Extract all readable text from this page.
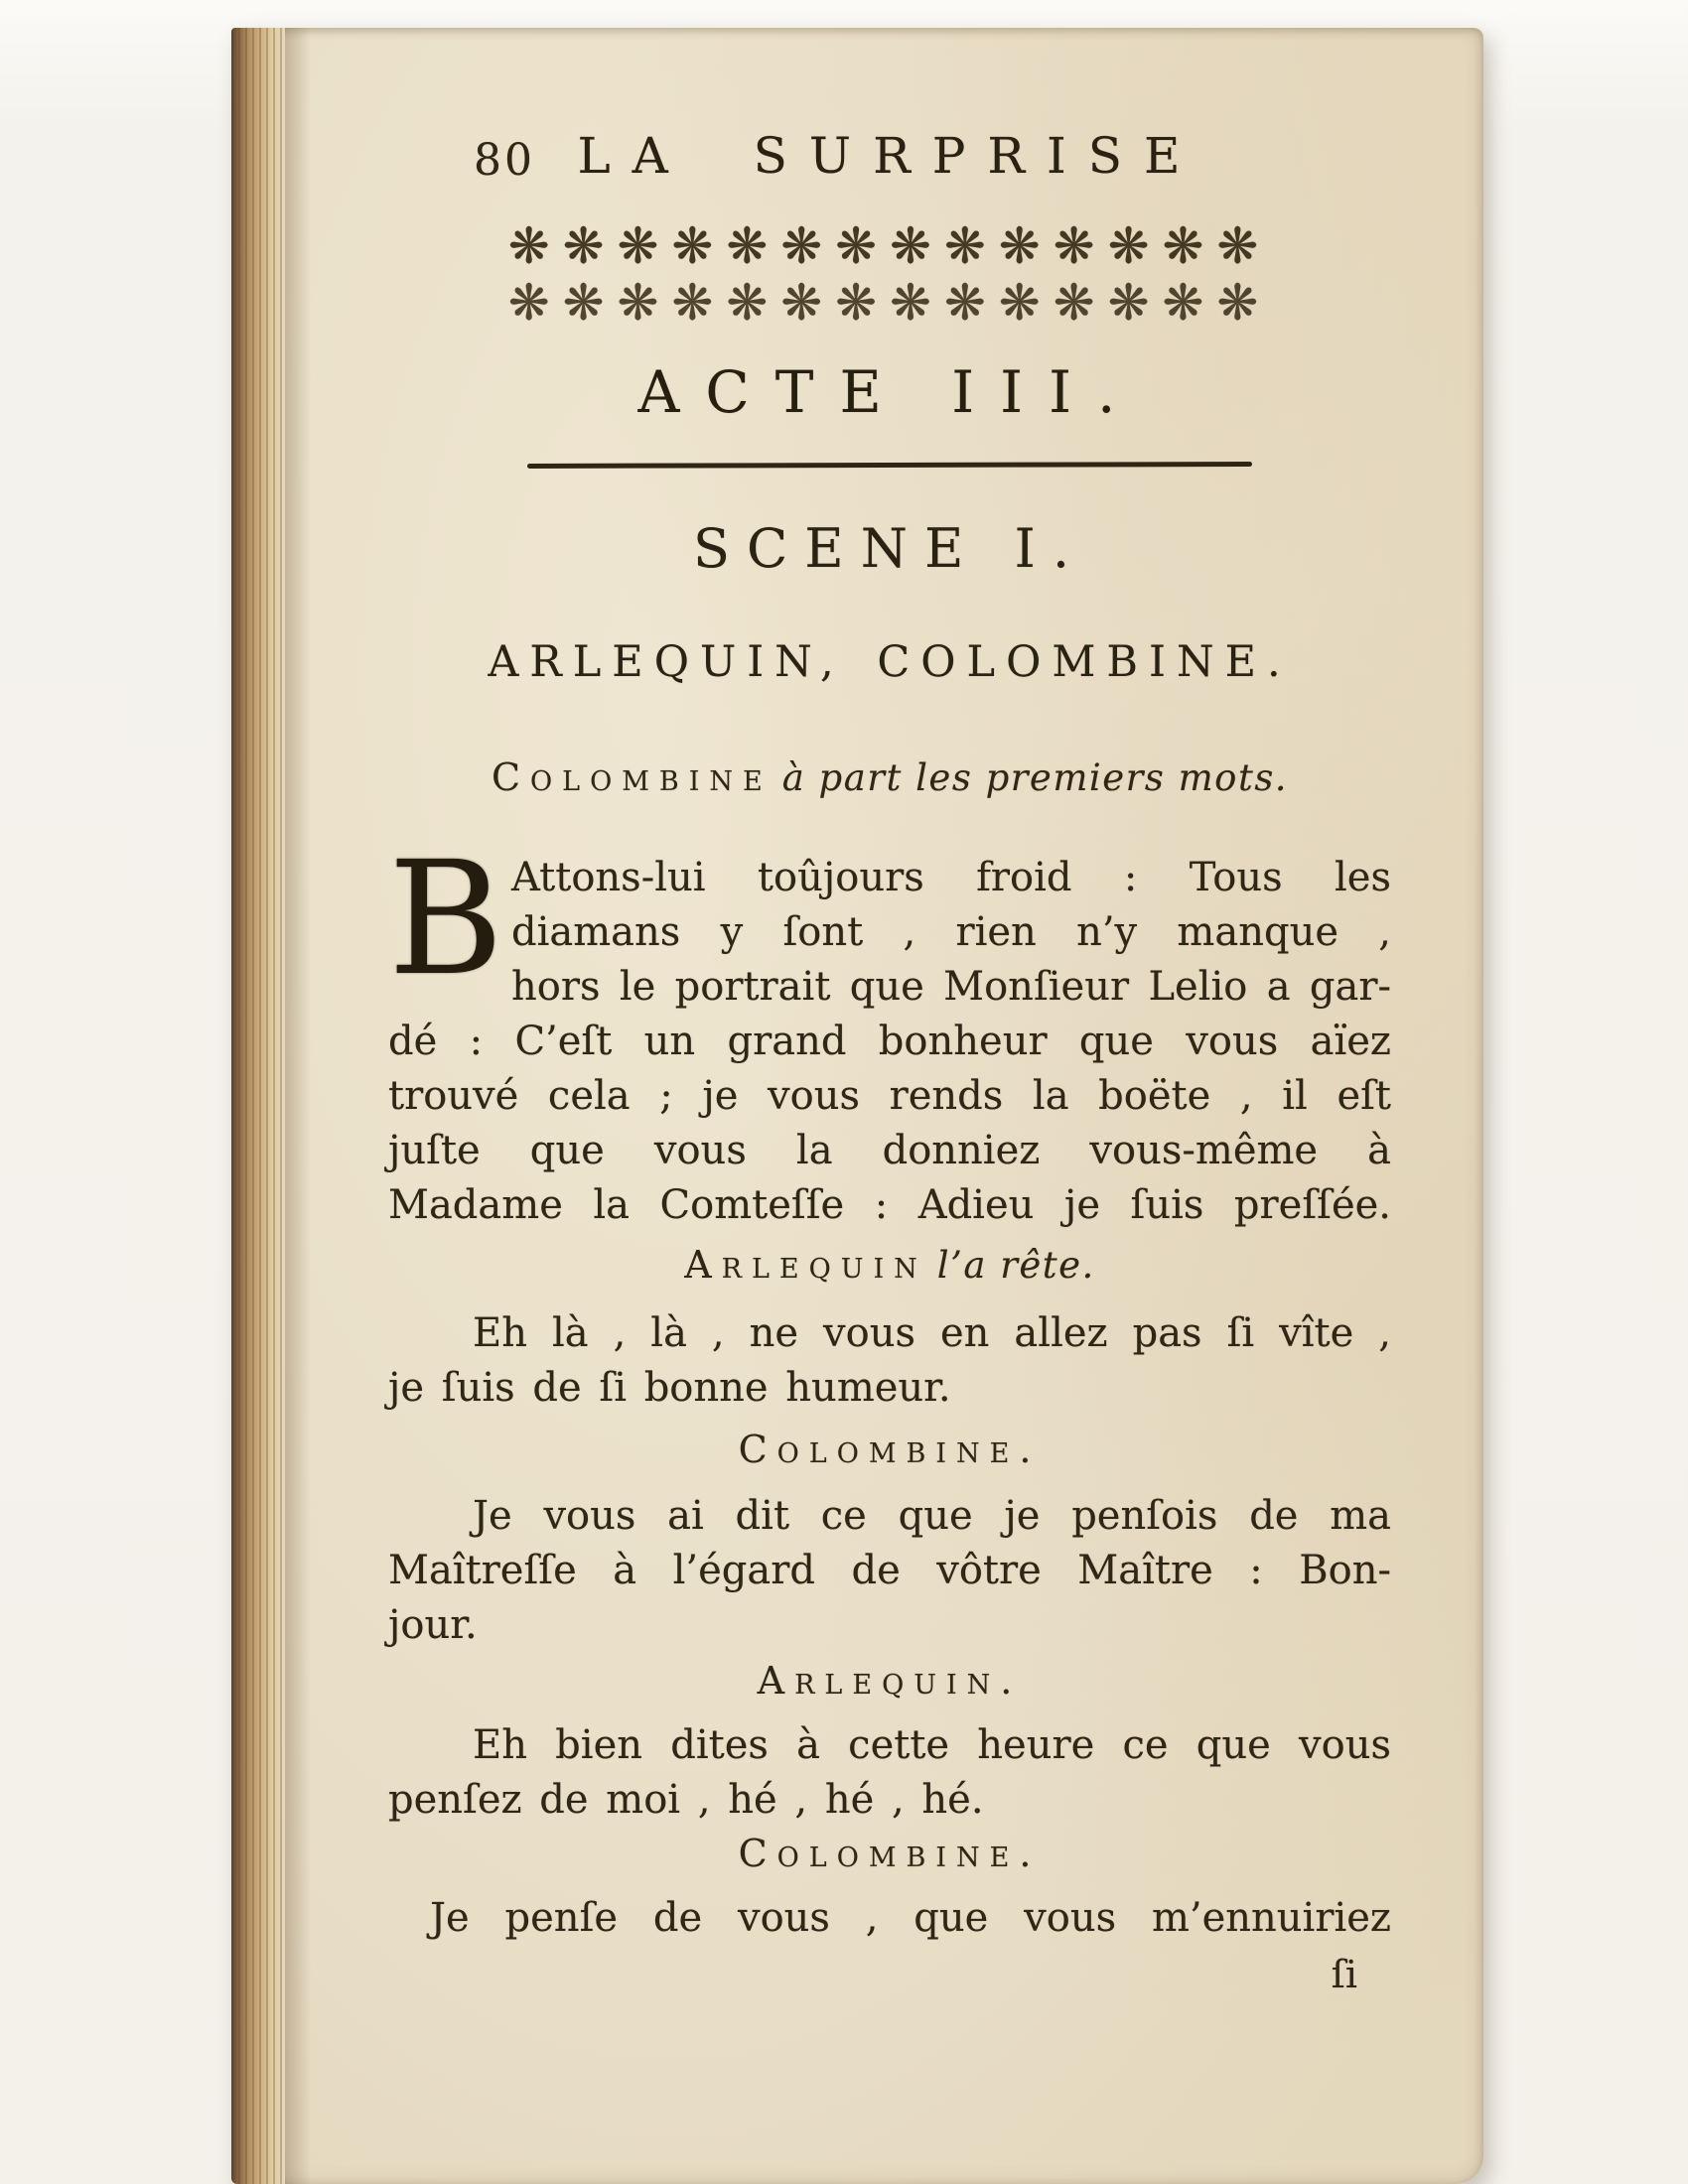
80 LA SURPRISE
❋❋❋❋❋❋❋❋❋❋❋❋❋❋
❋❋❋❋❋❋❋❋❋❋❋❋❋❋
ACTE III.
SCENE I.
ARLEQUIN, COLOMBINE.
Colombine à part les premiers mots.
B Attons-lui toûjours froid : Tous les
diamans y ſont , rien n’y manque ,
hors le portrait que Monſieur Lelio a gar-
dé : C’eſt un grand bonheur que vous aïez
trouvé cela ; je vous rends la boëte , il eſt
juſte que vous la donniez vous-même à
Madame la Comteſſe : Adieu je ſuis preſſée.
Arlequin l’a rête.
Eh là , là , ne vous en allez pas ſi vîte ,
je ſuis de ſi bonne humeur.
Colombine.
Je vous ai dit ce que je penſois de ma
Maîtreſſe à l’égard de vôtre Maître : Bon-
jour.
Arlequin.
Eh bien dites à cette heure ce que vous
penſez de moi , hé , hé , hé.
Colombine.
Je penſe de vous , que vous m’ennuiriez
ſi
